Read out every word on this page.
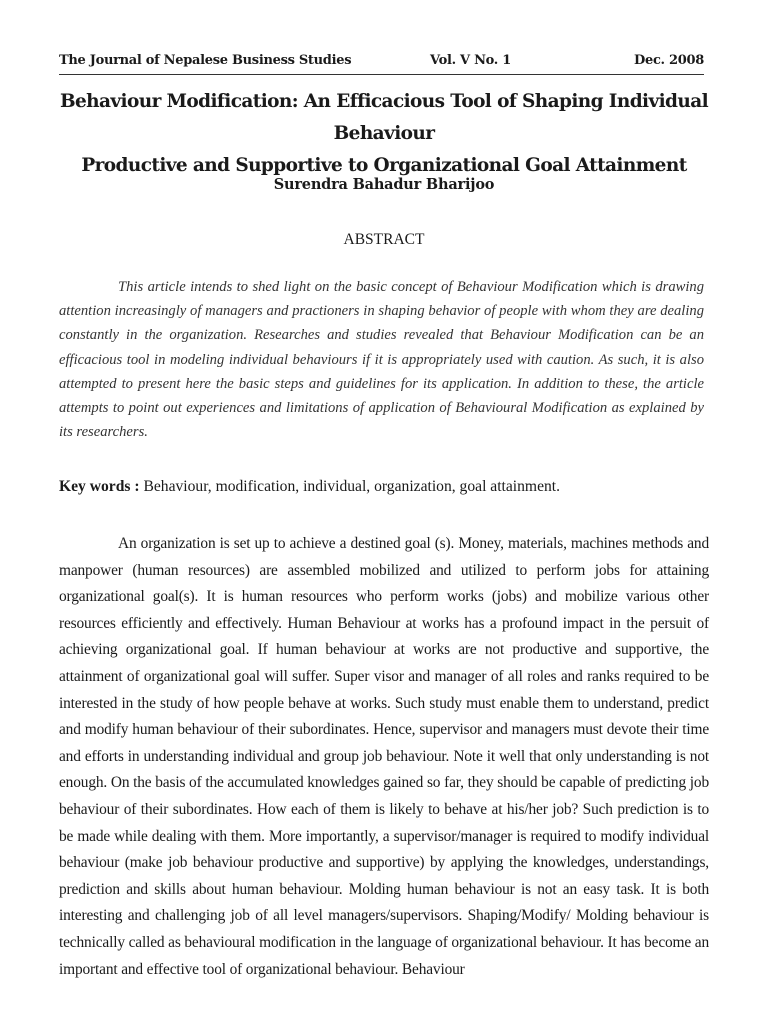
The Journal of Nepalese Business Studies	Vol. V No. 1	Dec. 2008
Behaviour Modification: An Efficacious Tool of Shaping Individual Behaviour
Productive and Supportive to Organizational Goal Attainment
Surendra Bahadur Bharijoo
ABSTRACT
This article intends to shed light on the basic concept of Behaviour Modification which is drawing attention increasingly of managers and practioners in shaping behavior of people with whom they are dealing constantly in the organization. Researches and studies revealed that Behaviour Modification can be an efficacious tool in modeling individual behaviours if it is appropriately used with caution. As such, it is also attempted to present here the basic steps and guidelines for its application. In addition to these, the article attempts to point out experiences and limitations of application of Behavioural Modification as explained by its researchers.
Key words : Behaviour, modification, individual, organization, goal attainment.
An organization is set up to achieve a destined goal (s). Money, materials, machines methods and manpower (human resources) are assembled mobilized and utilized to perform jobs for attaining organizational goal(s). It is human resources who perform works (jobs) and mobilize various other resources efficiently and effectively. Human Behaviour at works has a profound impact in the persuit of achieving organizational goal. If human behaviour at works are not productive and supportive, the attainment of organizational goal will suffer. Super visor and manager of all roles and ranks required to be interested in the study of how people behave at works. Such study must enable them to understand, predict and modify human behaviour of their subordinates. Hence, supervisor and managers must devote their time and efforts in understanding individual and group job behaviour. Note it well that only understanding is not enough. On the basis of the accumulated knowledges gained so far, they should be capable of predicting job behaviour of their subordinates. How each of them is likely to behave at his/her job? Such prediction is to be made while dealing with them. More importantly, a supervisor/manager is required to modify individual behaviour (make job behaviour productive and supportive) by applying the knowledges, understandings, prediction and skills about human behaviour. Molding human behaviour is not an easy task. It is both interesting and challenging job of all level managers/supervisors. Shaping/Modify/ Molding behaviour is technically called as behavioural modification in the language of organizational behaviour. It has become an important and effective tool of organizational behaviour. Behaviour
